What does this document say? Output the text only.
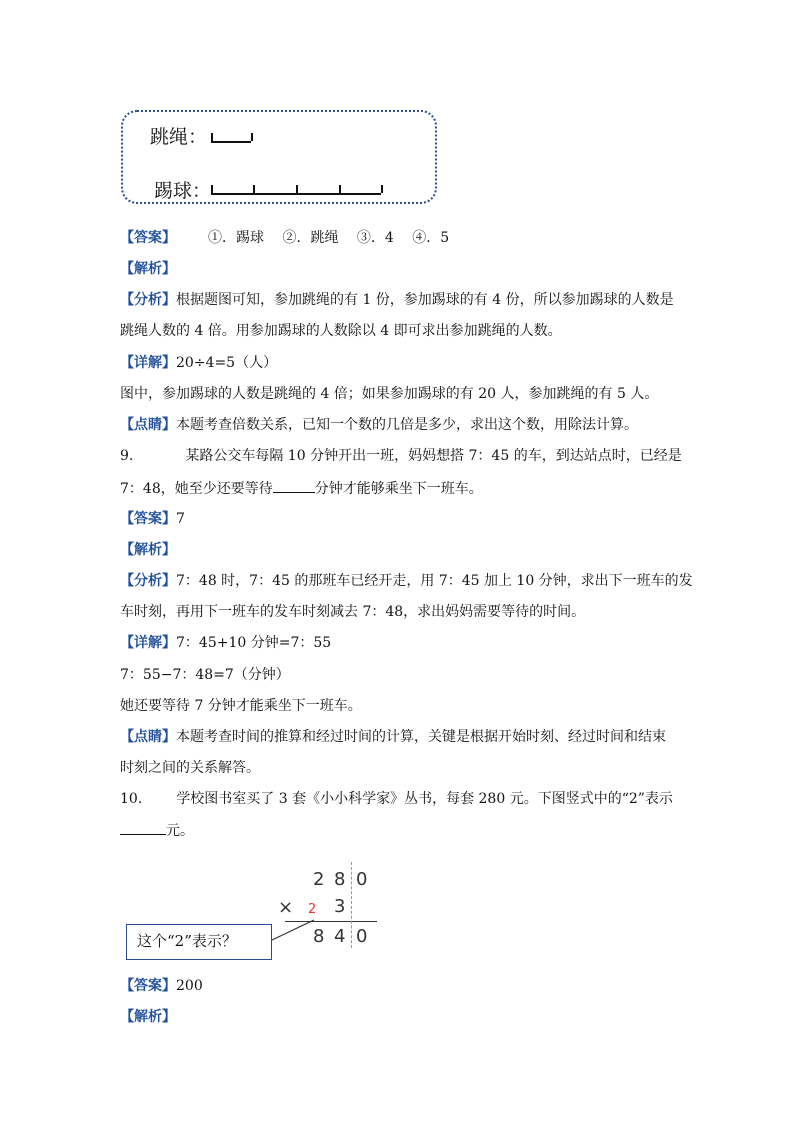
跳绳：
踢球：
【答案】 ①．踢球　 ②．跳绳　 ③．4　 ④．5
【解析】
【分析】根据题图可知，参加跳绳的有 1 份，参加踢球的有 4 份，所以参加踢球的人数是
跳绳人数的 4 倍。用参加踢球的人数除以 4 即可求出参加跳绳的人数。
【详解】20÷4=5（人）
图中，参加踢球的人数是跳绳的 4 倍；如果参加踢球的有 20 人，参加跳绳的有 5 人。
【点睛】本题考查倍数关系，已知一个数的几倍是多少，求出这个数，用除法计算。
9.	某路公交车每隔 10 分钟开出一班，妈妈想搭 7：45 的车，到达站点时，已经是
7：48，她至少还要等待	分钟才能够乘坐下一班车。
【答案】7
【解析】
【分析】7：48 时，7：45 的那班车已经开走，用 7：45 加上 10 分钟，求出下一班车的发
车时刻，再用下一班车的发车时刻减去 7：48，求出妈妈需要等待的时间。
【详解】7：45+10 分钟=7：55
7：55−7：48=7（分钟）
她还要等待 7 分钟才能乘坐下一班车。
【点睛】本题考查时间的推算和经过时间的计算，关键是根据开始时刻、经过时间和结束
时刻之间的关系解答。
10. 学校图书室买了 3 套《小小科学家》丛书，每套 280 元。下图竖式中的“2”表示
元。
2 8 0
× 2 3
8 4 0
这个“2”表示？
【答案】200
【解析】
